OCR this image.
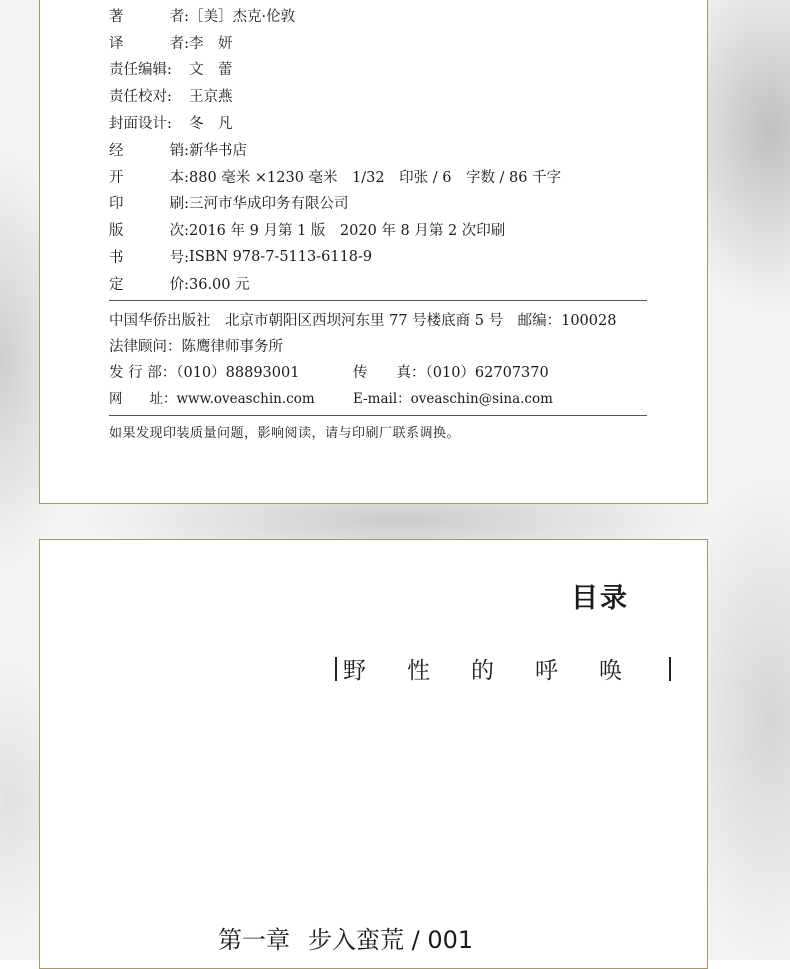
著	者: ［美］杰克·伦敦
译	者: 李　妍
责任编辑: 文　蕾
责任校对: 王京燕
封面设计: 冬　凡
经	销: 新华书店
开	本: 880 毫米 ×1230 毫米　1/32　印张 / 6　字数 / 86 千字
印	刷: 三河市华成印务有限公司
版	次: 2016 年 9 月第 1 版　2020 年 8 月第 2 次印刷
书	号: ISBN 978-7-5113-6118-9
定	价: 36.00 元
中国华侨出版社　北京市朝阳区西坝河东里 77 号楼底商 5 号　邮编：100028
法律顾问：陈鹰律师事务所
发 行 部：（010）88893001	传　　真：（010）62707370
网　　址：www.oveaschin.com	E-mail：oveaschin@sina.com
如果发现印装质量问题，影响阅读，请与印刷厂联系调换。
目录
野	性	的	呼	唤
第一章 步入蛮荒 / 001
